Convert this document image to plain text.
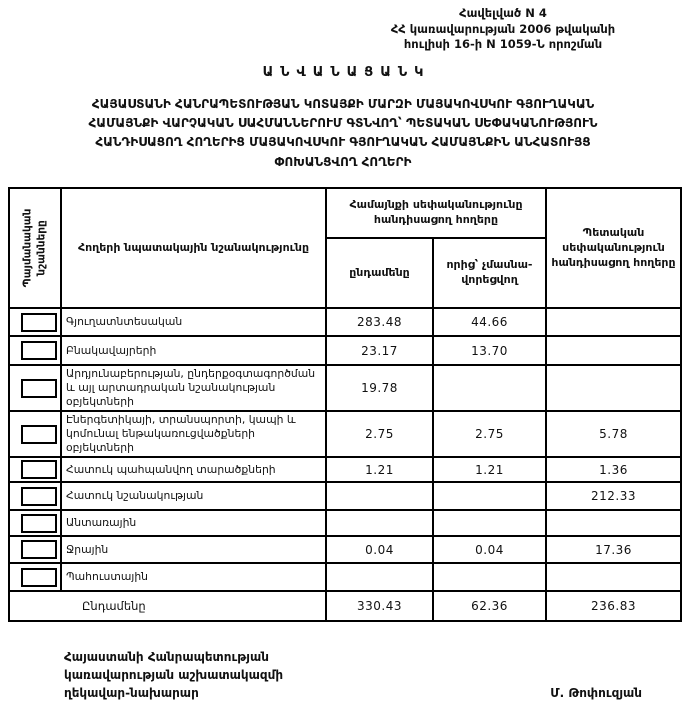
Հավելված N 4
ՀՀ կառավարության 2006 թվականի
հուլիսի 16-ի N 1059-Ն որոշման
ԱՆՎԱՆԱՑԱՆԿ
ՀԱՅԱՍՏԱՆԻ ՀԱՆՐԱՊԵՏՈՒԹՅԱՆ ԿՈՏԱՅՔԻ ՄԱՐԶԻ ՄԱՅԱԿՈՎՍԿՈՒ ԳՅՈՒՂԱԿԱՆ
ՀԱՄԱՅՆՔԻ ՎԱՐՉԱԿԱՆ ՍԱՀՄԱՆՆԵՐՈՒՄ ԳՏՆՎՈՂ՝ ՊԵՏԱԿԱՆ ՍԵՓԱԿԱՆՈՒԹՅՈՒՆ
ՀԱՆԴԻՍԱՑՈՂ ՀՈՂԵՐԻՑ ՄԱՅԱԿՈՎՍԿՈՒ ԳՅՈՒՂԱԿԱՆ ՀԱՄԱՅՆՔԻՆ ԱՆՀԱՏՈՒՅՑ
ՓՈԽԱՆՑՎՈՂ ՀՈՂԵՐԻ
Պայմանական նշանները	Հողերի նպատակային նշանակությունը	Համայնքի սեփականությունը հանդիսացող հողերը		Պետական սեփականություն հանդիսացող հողերը
		ընդամենը	որից՝ չմասնա-վորեցվող	

	Գյուղատնտեսական	283.48	44.66	

	Բնակավայրերի	23.17	13.70	

	Արդյունաբերության, ընդերքօգտագործման և այլ արտադրական նշանակության օբյեկտների	19.78		

	Էներգետիկայի, տրանսպորտի, կապի և կոմունալ ենթակառուցվածքների օբյեկտների	2.75	2.75	5.78

	Հատուկ պահպանվող տարածքների	1.21	1.21	1.36

	Հատուկ նշանակության			212.33

	Անտառային			

	Ջրային	0.04	0.04	17.36

	Պահուստային			
Ընդամենը		330.43	62.36	236.83
Հայաստանի Հանրապետության
կառավարության աշխատակազմի
ղեկավար-նախարար	Մ. Թոփուզյան
